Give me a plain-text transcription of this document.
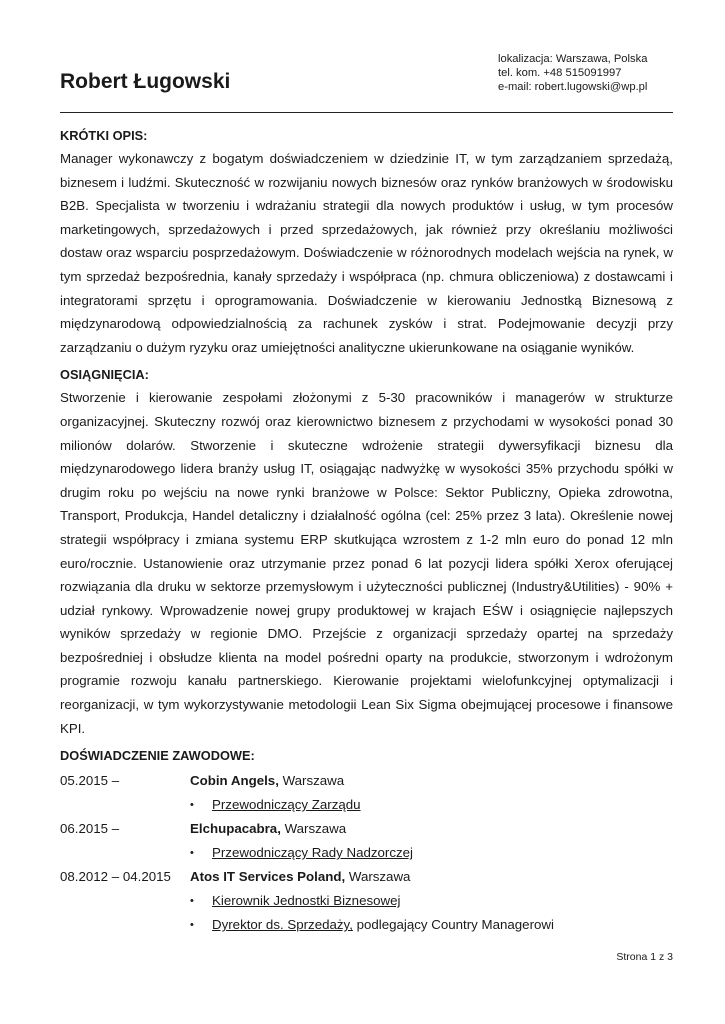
Robert Ługowski
lokalizacja: Warszawa, Polska
tel. kom. +48 515091997
e-mail: robert.lugowski@wp.pl
KRÓTKI OPIS:

Manager wykonawczy z bogatym doświadczeniem w dziedzinie IT, w tym zarządzaniem sprzedażą, biznesem i ludźmi. Skuteczność w rozwijaniu nowych biznesów oraz rynków branżowych w środowisku B2B. Specjalista w tworzeniu i wdrażaniu strategii dla nowych produktów i usług, w tym procesów marketingowych, sprzedażowych i przed sprzedażowych, jak również przy określaniu możliwości dostaw oraz wsparciu posprzedażowym. Doświadczenie w różnorodnych modelach wejścia na rynek, w tym sprzedaż bezpośrednia, kanały sprzedaży i współpraca (np. chmura obliczeniowa) z dostawcami i integratorami sprzętu i oprogramowania. Doświadczenie w kierowaniu Jednostką Biznesową z międzynarodową odpowiedzialnością za rachunek zysków i strat. Podejmowanie decyzji przy zarządzaniu o dużym ryzyku oraz umiejętności analityczne ukierunkowane na osiąganie wyników.

OSIĄGNIĘCIA:

Stworzenie i kierowanie zespołami złożonymi z 5-30 pracowników i managerów w strukturze organizacyjnej. Skuteczny rozwój oraz kierownictwo biznesem z przychodami w wysokości ponad 30 milionów dolarów. Stworzenie i skuteczne wdrożenie strategii dywersyfikacji biznesu dla międzynarodowego lidera branży usług IT, osiągając nadwyżkę w wysokości 35% przychodu spółki w drugim roku po wejściu na nowe rynki branżowe w Polsce: Sektor Publiczny, Opieka zdrowotna, Transport, Produkcja, Handel detaliczny i działalność ogólna (cel: 25% przez 3 lata). Określenie nowej strategii współpracy i zmiana systemu ERP skutkująca wzrostem z 1-2 mln euro do ponad 12 mln euro/rocznie. Ustanowienie oraz utrzymanie przez ponad 6 lat pozycji lidera spółki Xerox oferującej rozwiązania dla druku w sektorze przemysłowym i użyteczności publicznej (Industry&Utilities) - 90% + udział rynkowy. Wprowadzenie nowej grupy produktowej w krajach EŚW i osiągnięcie najlepszych wyników sprzedaży w regionie DMO. Przejście z organizacji sprzedaży opartej na sprzedaży bezpośredniej i obsłudze klienta na model pośredni oparty na produkcie, stworzonym i wdrożonym programie rozwoju kanału partnerskiego. Kierowanie projektami wielofunkcyjnej optymalizacji i reorganizacji, w tym wykorzystywanie metodologii Lean Six Sigma obejmującej procesowe i finansowe KPI.

DOŚWIADCZENIE ZAWODOWE:
05.2015 –	Cobin Angels, Warszawa
•	Przewodniczący Zarządu
06.2015 –	Elchupacabra, Warszawa
•	Przewodniczący Rady Nadzorczej
08.2012 – 04.2015	Atos IT Services Poland, Warszawa
•	Kierownik Jednostki Biznesowej
•	Dyrektor ds. Sprzedaży, podlegający Country Managerowi
Strona 1 z 3
